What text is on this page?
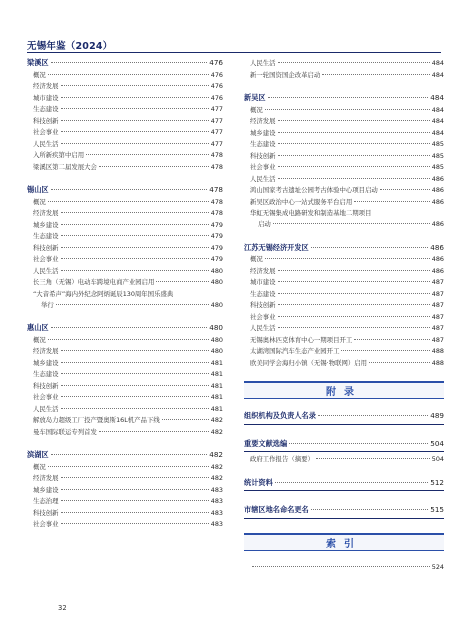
无锡年鉴（2024）
梁溪区	476
概况	476
经济发展	476
城市建设	476
生态建设	477
科技创新	477
社会事业	477
人民生活	477
入所新疾第中启用	478
梁溪区第二届发展大会	478
锡山区	478
概况	478
经济发展	478
城乡建设	479
生态建设	479
科技创新	479
社会事业	479
人民生活	480
长三角（无锡）电动车跨境电商产业园启用	480
“大音希声”海内外纪念阿炳诞辰130周年国乐盛典
举行	480
惠山区	480
概况	480
经济发展	480
城乡建设	481
生态建设	481
科技创新	481
社会事业	481
人民生活	481
解放岛力超级工厂投产暨奥斯16L机产品下线	482
曼车国际联运专列首发	482
滨湖区	482
概况	482
经济发展	482
城乡建设	483
生态治理	483
科技创新	483
社会事业	483
人民生活	484
新一轮国资国企改革启动	484
新吴区	484
概况	484
经济发展	484
城乡建设	484
生态建设	485
科技创新	485
社会事业	485
人民生活	486
鸿山国家考古遗址公园考古体验中心项目启动	486
新吴区政治中心一站式服务平台启用	486
华虹无锡集成电路研发和制造基地二期项目
启动	486
江苏无锡经济开发区	486
概况	486
经济发展	486
城市建设	487
生态建设	487
科技创新	487
社会事业	487
人民生活	487
无锡奥林匹克体育中心一期项目开工	487
太湖湾国际汽车生态产业园开工	488
欧美同学会海归小镇（无锡·物联网）启用	488
附录
组织机构及负责人名录	489
重要文献选编	504
政府工作报告（摘要）	504
统计资料	512
市辖区地名命名更名	515
索引
524
32
